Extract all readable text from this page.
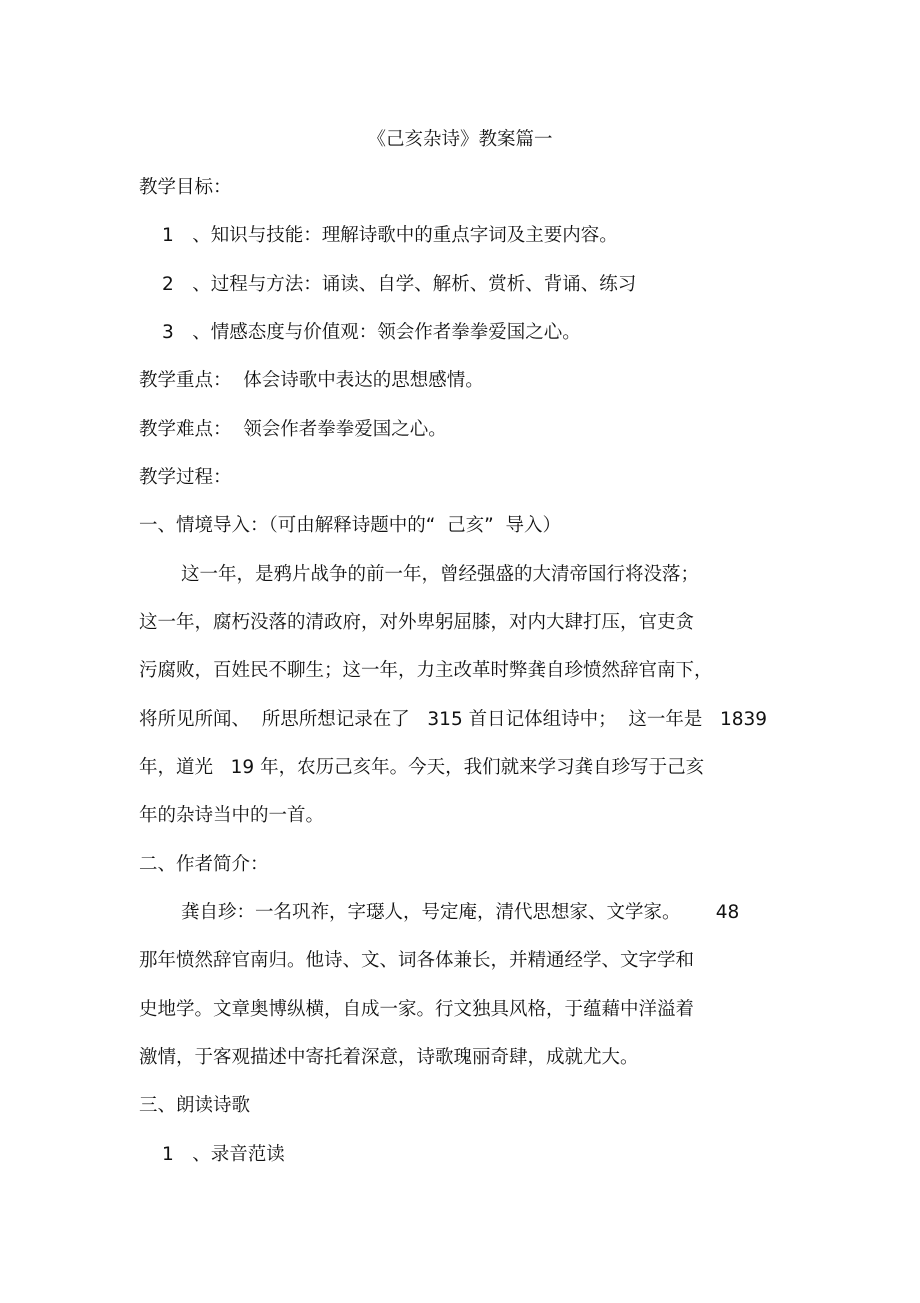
《己亥杂诗》教案篇一
教学目标：
1　、知识与技能：理解诗歌中的重点字词及主要内容。
2　、过程与方法：诵读、自学、解析、赏析、背诵、练习
3　、情感态度与价值观：领会作者拳拳爱国之心。
教学重点：  体会诗歌中表达的思想感情。
教学难点：  领会作者拳拳爱国之心。
教学过程：
一、情境导入：（可由解释诗题中的“  己亥”  导入）
这一年，是鸦片战争的前一年，曾经强盛的大清帝国行将没落；
这一年，腐朽没落的清政府，对外卑躬屈膝，对内大肆打压，官吏贪
污腐败，百姓民不聊生；这一年，力主改革时弊龚自珍愤然辞官南下，
将所见所闻、  所思所想记录在了   315 首日记体组诗中；  这一年是   1839
年，道光   19 年，农历己亥年。今天，我们就来学习龚自珍写于己亥
年的杂诗当中的一首。
二、作者简介：
龚自珍：一名巩祚，字璱人，号定庵，清代思想家、文学家。      48
那年愤然辞官南归。他诗、文、词各体兼长，并精通经学、文字学和
史地学。文章奥博纵横，自成一家。行文独具风格，于蕴藉中洋溢着
激情，于客观描述中寄托着深意，诗歌瑰丽奇肆，成就尤大。
三、朗读诗歌
1　、录音范读
